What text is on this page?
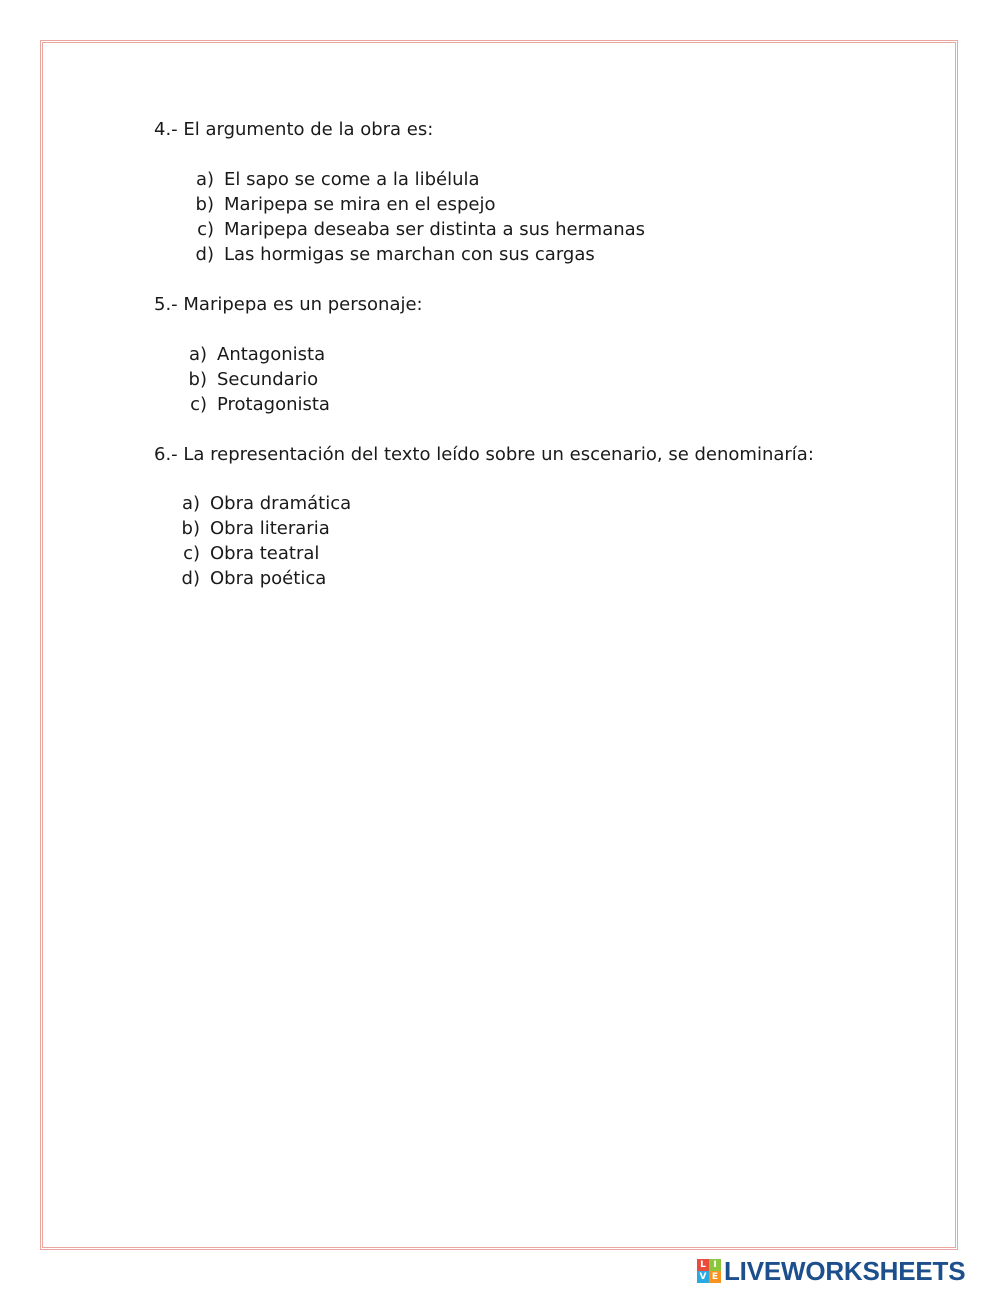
4.- El argumento de la obra es:
a) El sapo se come a la libélula
b) Maripepa se mira en el espejo
c) Maripepa deseaba ser distinta a sus hermanas
d) Las hormigas se marchan con sus cargas
5.- Maripepa es un personaje:
a) Antagonista
b) Secundario
c) Protagonista
6.- La representación del texto leído sobre un escenario, se denominaría:
a) Obra dramática
b) Obra literaria
c) Obra teatral
d) Obra poética
L I
V E LIVEWORKSHEETS
